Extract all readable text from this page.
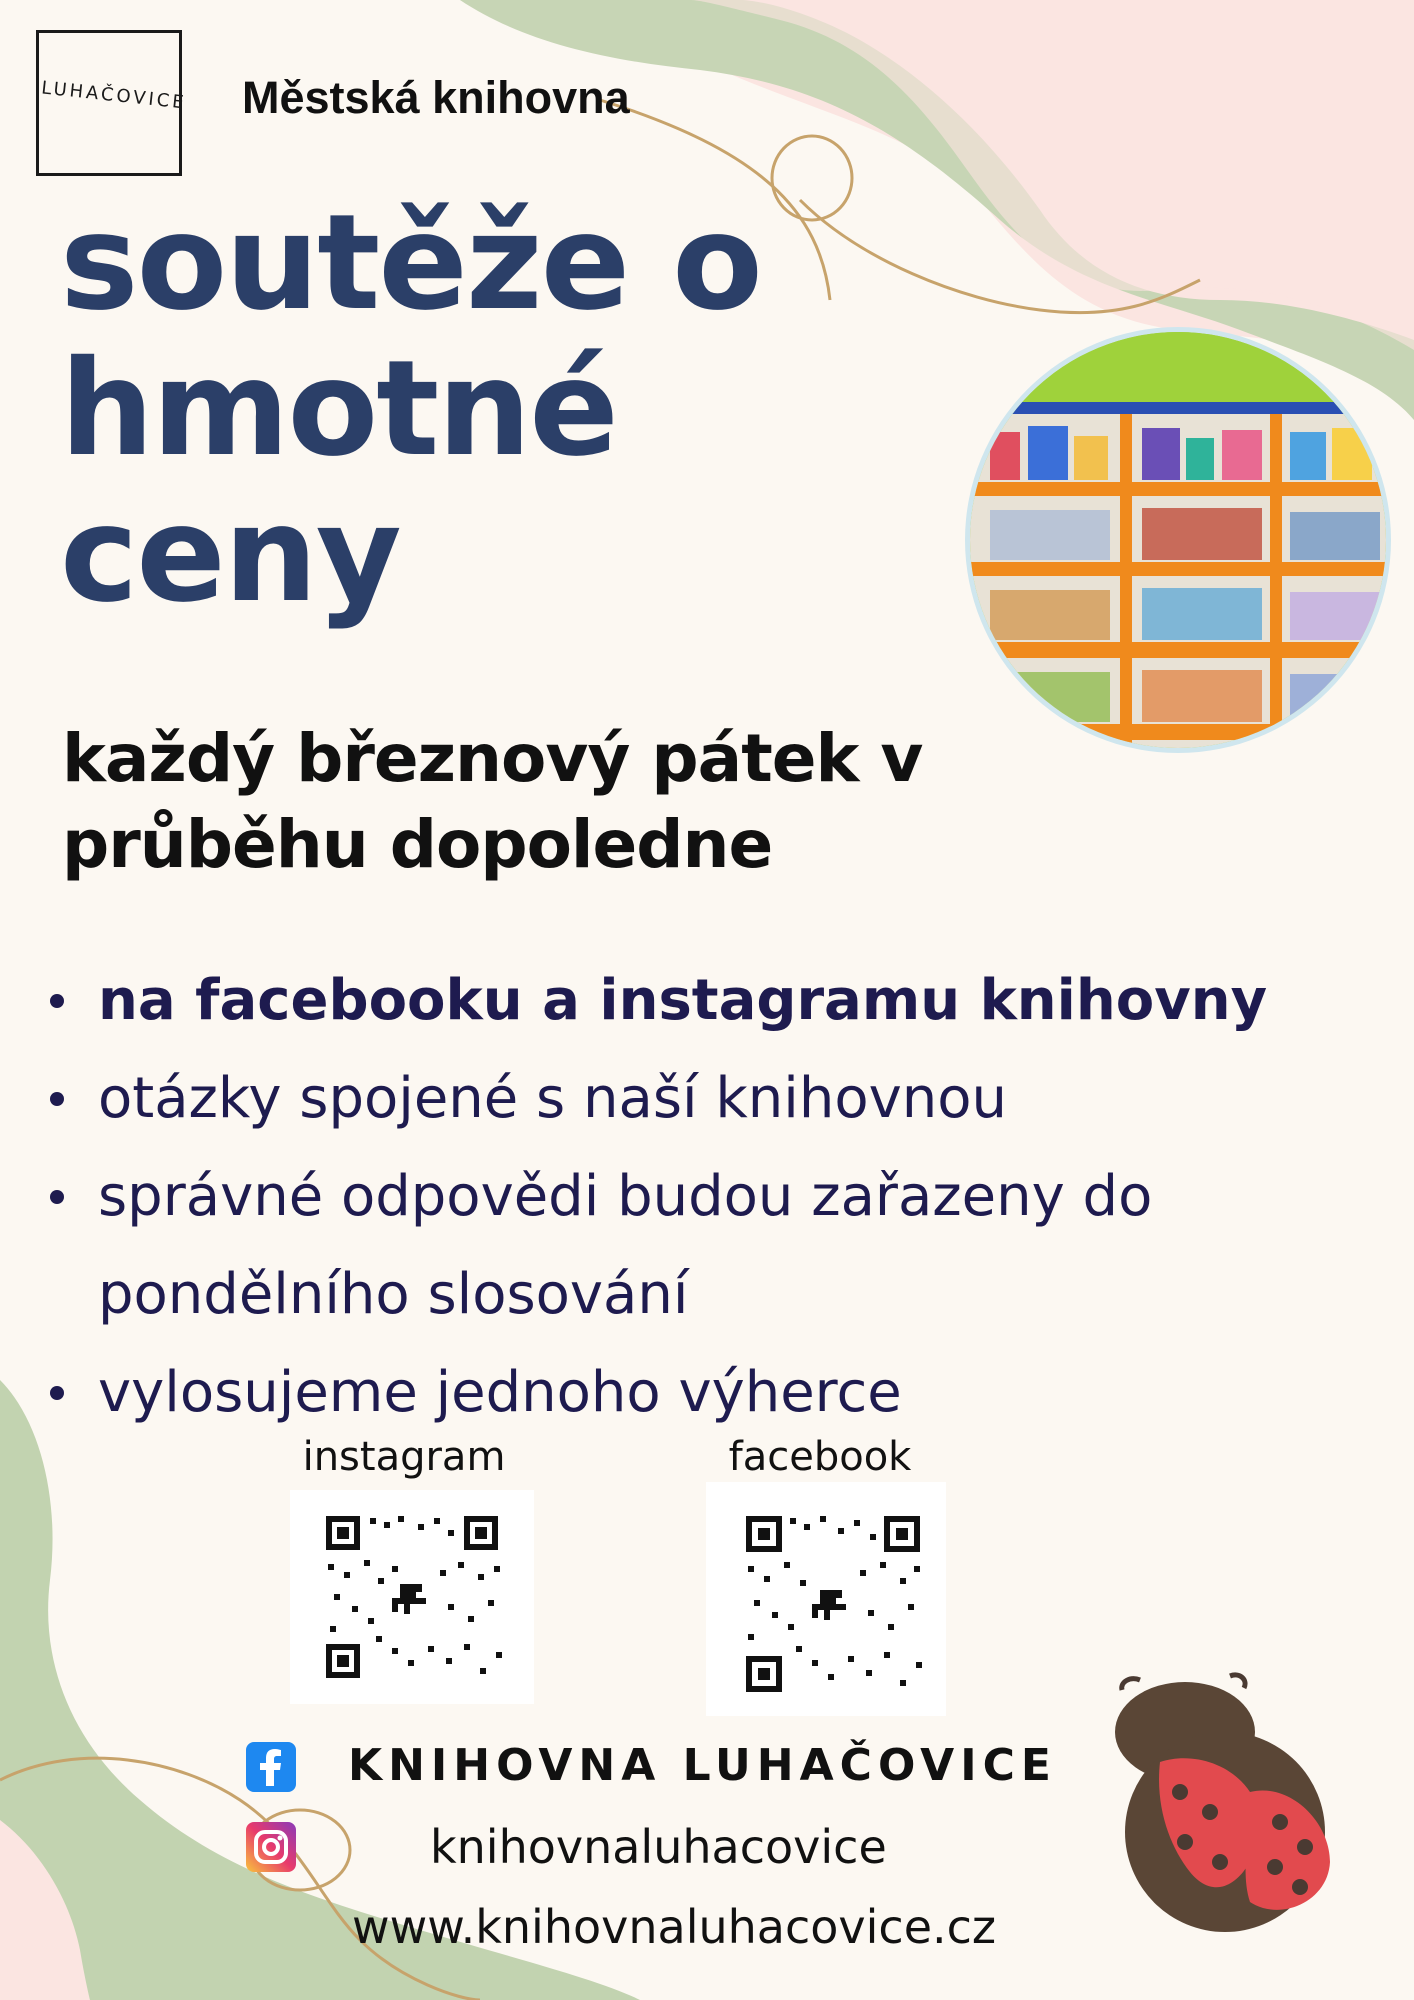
LUHAČOVICE Městská knihovna
soutěže o
hmotné
ceny
každý březnový pátek v
průběhu dopoledne
na facebooku a instagramu knihovny
otázky spojené s naší knihovnou
správné odpovědi budou zařazeny do
pondělního slosování
vylosujeme jednoho výherce
instagram	facebook
KNIHOVNA LUHAČOVICE
knihovnaluhacovice
www.knihovnaluhacovice.cz
